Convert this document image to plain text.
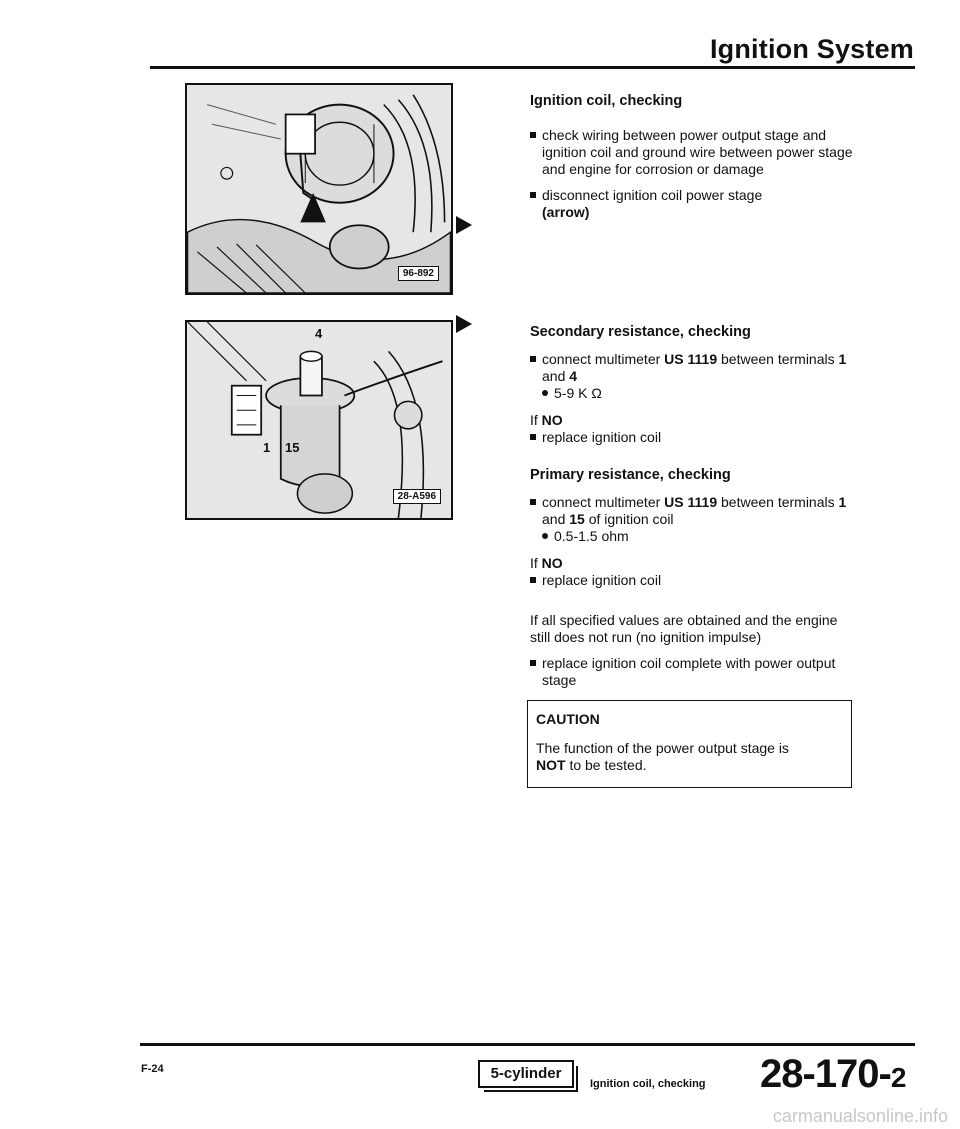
Ignition System
96-892
4
1 15
28-A596
Ignition coil, checking
check wiring between power output stage and ignition coil and ground wire between power stage and engine for corrosion or damage
disconnect ignition coil power stage
(arrow)
Secondary resistance, checking
connect multimeter US 1119 between terminals 1 and 4
5-9 K Ω
If NO
replace ignition coil
Primary resistance, checking
connect multimeter US 1119 between terminals 1 and 15 of ignition coil
0.5-1.5 ohm
If NO
replace ignition coil
If all specified values are obtained and the engine still does not run (no ignition impulse)
replace ignition coil complete with power output stage
CAUTION
The function of the power output stage is
NOT to be tested.
F-24	5-cylinder
Ignition coil, checking 28-170-2
carmanualsonline.info
